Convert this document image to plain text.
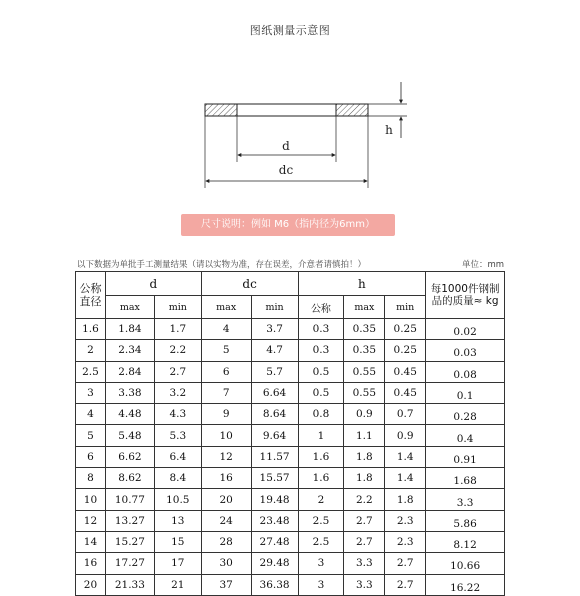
图纸测量示意图
d
dc
h
尺寸说明：例如 M6（指内径为6mm）
以下数据为单批手工测量结果（请以实物为准，存在误差，介意者请慎拍！）	单位：mm
公称直径	d		dc		h			每1000件钢制品的质量≈ kg
	max	min	max	min	公称	max	min	
1.6	1.84	1.7	4	3.7	0.3	0.35	0.25	0.02
2	2.34	2.2	5	4.7	0.3	0.35	0.25	0.03
2.5	2.84	2.7	6	5.7	0.5	0.55	0.45	0.08
3	3.38	3.2	7	6.64	0.5	0.55	0.45	0.1
4	4.48	4.3	9	8.64	0.8	0.9	0.7	0.28
5	5.48	5.3	10	9.64	1	1.1	0.9	0.4
6	6.62	6.4	12	11.57	1.6	1.8	1.4	0.91
8	8.62	8.4	16	15.57	1.6	1.8	1.4	1.68
10	10.77	10.5	20	19.48	2	2.2	1.8	3.3
12	13.27	13	24	23.48	2.5	2.7	2.3	5.86
14	15.27	15	28	27.48	2.5	2.7	2.3	8.12
16	17.27	17	30	29.48	3	3.3	2.7	10.66
20	21.33	21	37	36.38	3	3.3	2.7	16.22
